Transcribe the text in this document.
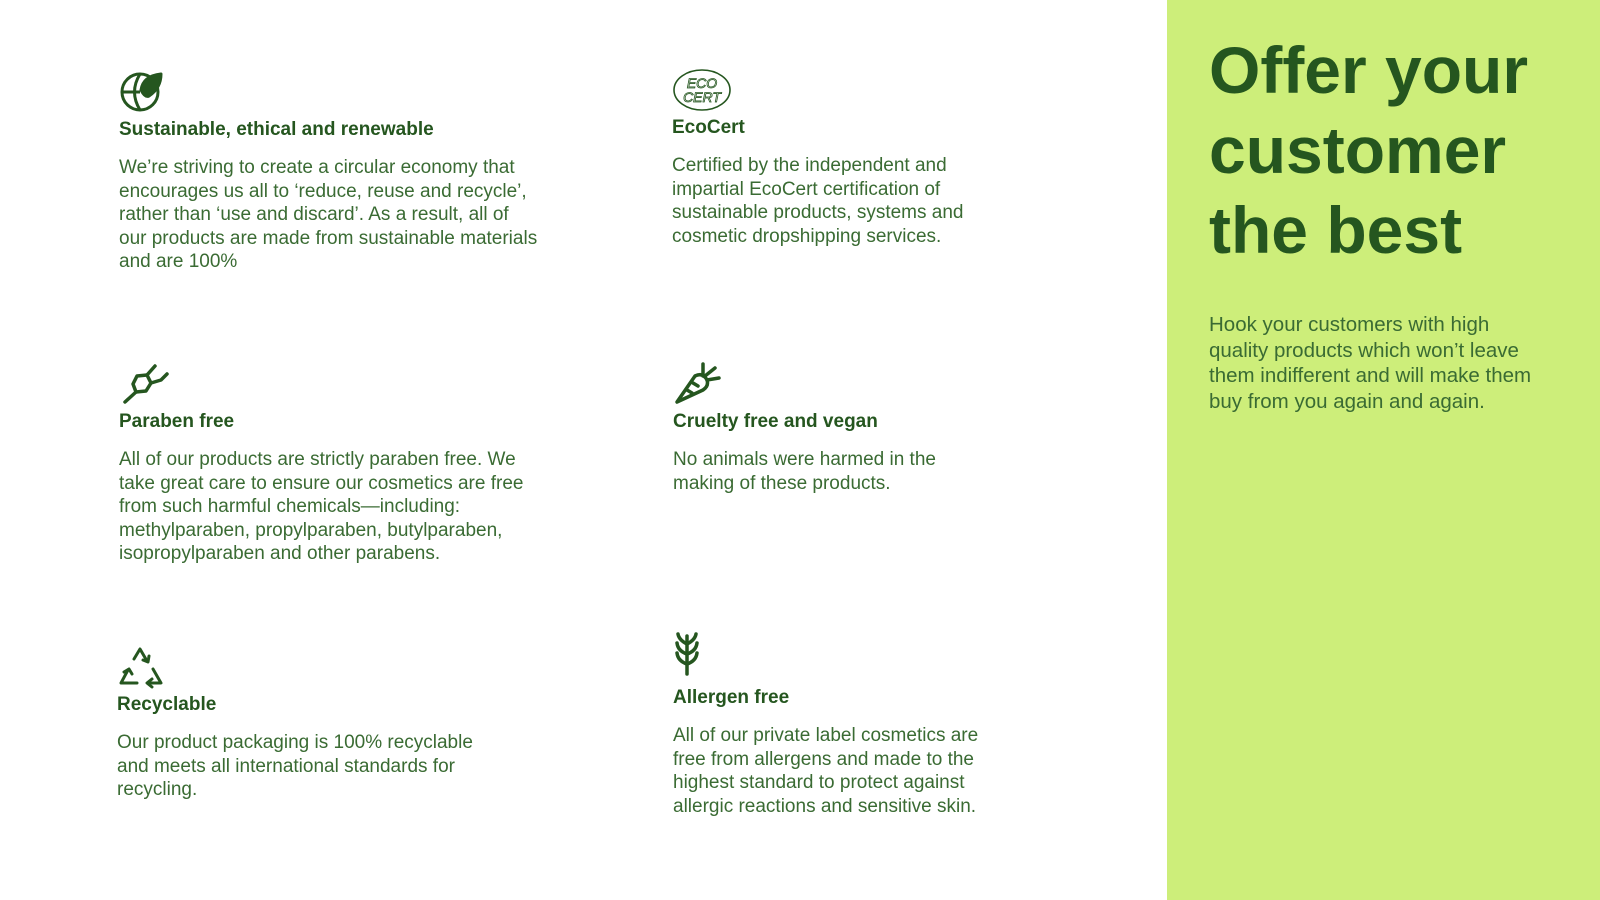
Sustainable, ethical and renewable

We’re striving to create a circular economy that encourages us all to ‘reduce, reuse and recycle’, rather than ‘use and discard’. As a result, all of our products are made from sustainable materials and are 100%

ECO
CERT
EcoCert

Certified by the independent and impartial EcoCert certification of sustainable products, systems and cosmetic dropshipping services.

Paraben free

All of our products are strictly paraben free. We take great care to ensure our cosmetics are free from such harmful chemicals—including: methylparaben, propylparaben, butylparaben, isopropylparaben and other parabens.

Cruelty free and vegan

No animals were harmed in the making of these products.

Recyclable

Our product packaging is 100% recyclable and meets all international standards for recycling.

Allergen free

All of our private label cosmetics are free from allergens and made to the highest standard to protect against allergic reactions and sensitive skin.

Offer your customer the best

Hook your customers with high quality products which won’t leave them indifferent and will make them buy from you again and again.
